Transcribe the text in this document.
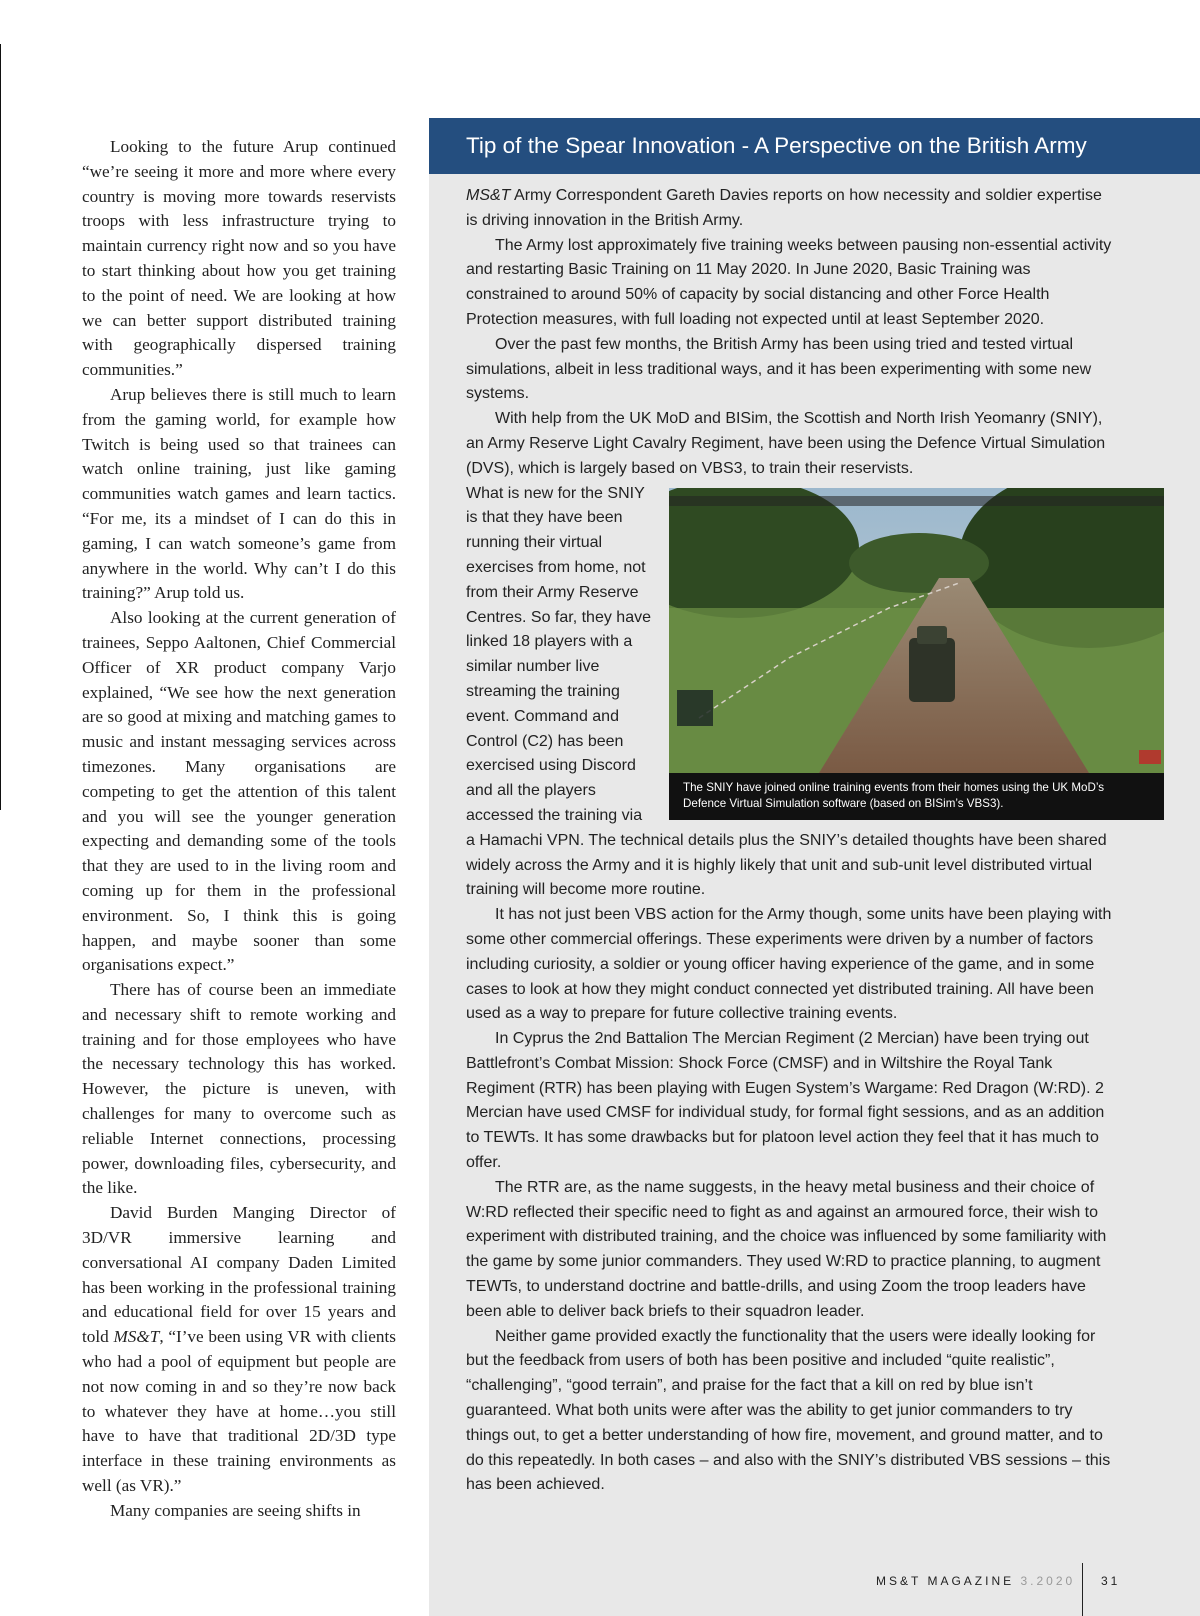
Looking to the future Arup continued “we’re seeing it more and more where every country is moving more towards reservists troops with less infrastructure trying to maintain currency right now and so you have to start thinking about how you get training to the point of need. We are looking at how we can better support distributed training with geographically dispersed training communities.”

Arup believes there is still much to learn from the gaming world, for example how Twitch is being used so that trainees can watch online training, just like gaming communities watch games and learn tactics. “For me, its a mindset of I can do this in gaming, I can watch someone’s game from anywhere in the world. Why can’t I do this training?” Arup told us.

Also looking at the current generation of trainees, Seppo Aaltonen, Chief Commercial Officer of XR product company Varjo explained, “We see how the next generation are so good at mixing and matching games to music and instant messaging services across timezones. Many organisations are competing to get the attention of this talent and you will see the younger generation expecting and demanding some of the tools that they are used to in the living room and coming up for them in the professional environment. So, I think this is going happen, and maybe sooner than some organisations expect.”

There has of course been an immediate and necessary shift to remote working and training and for those employees who have the necessary technology this has worked. However, the picture is uneven, with challenges for many to overcome such as reliable Internet connections, processing power, downloading files, cybersecurity, and the like.

David Burden Manging Director of 3D/VR immersive learning and conversational AI company Daden Limited has been working in the professional training and educational field for over 15 years and told MS&T, “I’ve been using VR with clients who had a pool of equipment but people are not now coming in and so they’re now back to whatever they have at home…you still have to have that traditional 2D/3D type interface in these training environments as well (as VR).”

Many companies are seeing shifts in

Tip of the Spear Innovation - A Perspective on the British Army

MS&T Army Correspondent Gareth Davies reports on how necessity and soldier expertise is driving innovation in the British Army.

The Army lost approximately five training weeks between pausing non-essential activity and restarting Basic Training on 11 May 2020. In June 2020, Basic Training was constrained to around 50% of capacity by social distancing and other Force Health Protection measures, with full loading not expected until at least September 2020.

Over the past few months, the British Army has been using tried and tested virtual simulations, albeit in less traditional ways, and it has been experimenting with some new systems.

With help from the UK MoD and BISim, the Scottish and North Irish Yeomanry (SNIY), an Army Reserve Light Cavalry Regiment, have been using the Defence Virtual Simulation (DVS), which is largely based on VBS3, to train their reservists.

The SNIY have joined online training events from their homes using the UK MoD’s Defence Virtual Simulation software (based on BISim’s VBS3).

What is new for the SNIY is that they have been running their virtual exercises from home, not from their Army Reserve Centres. So far, they have linked 18 players with a similar number live streaming the training event. Command and Control (C2) has been exercised using Discord and all the players accessed the training via a Hamachi VPN. The technical details plus the SNIY’s detailed thoughts have been shared widely across the Army and it is highly likely that unit and sub-unit level distributed virtual training will become more routine.

It has not just been VBS action for the Army though, some units have been playing with some other commercial offerings. These experiments were driven by a number of factors including curiosity, a soldier or young officer having experience of the game, and in some cases to look at how they might conduct connected yet distributed training. All have been used as a way to prepare for future collective training events.

In Cyprus the 2nd Battalion The Mercian Regiment (2 Mercian) have been trying out Battlefront’s Combat Mission: Shock Force (CMSF) and in Wiltshire the Royal Tank Regiment (RTR) has been playing with Eugen System’s Wargame: Red Dragon (W:RD). 2 Mercian have used CMSF for individual study, for formal fight sessions, and as an addition to TEWTs. It has some drawbacks but for platoon level action they feel that it has much to offer.

The RTR are, as the name suggests, in the heavy metal business and their choice of W:RD reflected their specific need to fight as and against an armoured force, their wish to experiment with distributed training, and the choice was influenced by some familiarity with the game by some junior commanders. They used W:RD to practice planning, to augment TEWTs, to understand doctrine and battle-drills, and using Zoom the troop leaders have been able to deliver back briefs to their squadron leader.

Neither game provided exactly the functionality that the users were ideally looking for but the feedback from users of both has been positive and included “quite realistic”, “challenging”, “good terrain”, and praise for the fact that a kill on red by blue isn’t guaranteed. What both units were after was the ability to get junior commanders to try things out, to get a better understanding of how fire, movement, and ground matter, and to do this repeatedly. In both cases – and also with the SNIY’s distributed VBS sessions – this has been achieved.

MS&T MAGAZINE 3.2020 31
